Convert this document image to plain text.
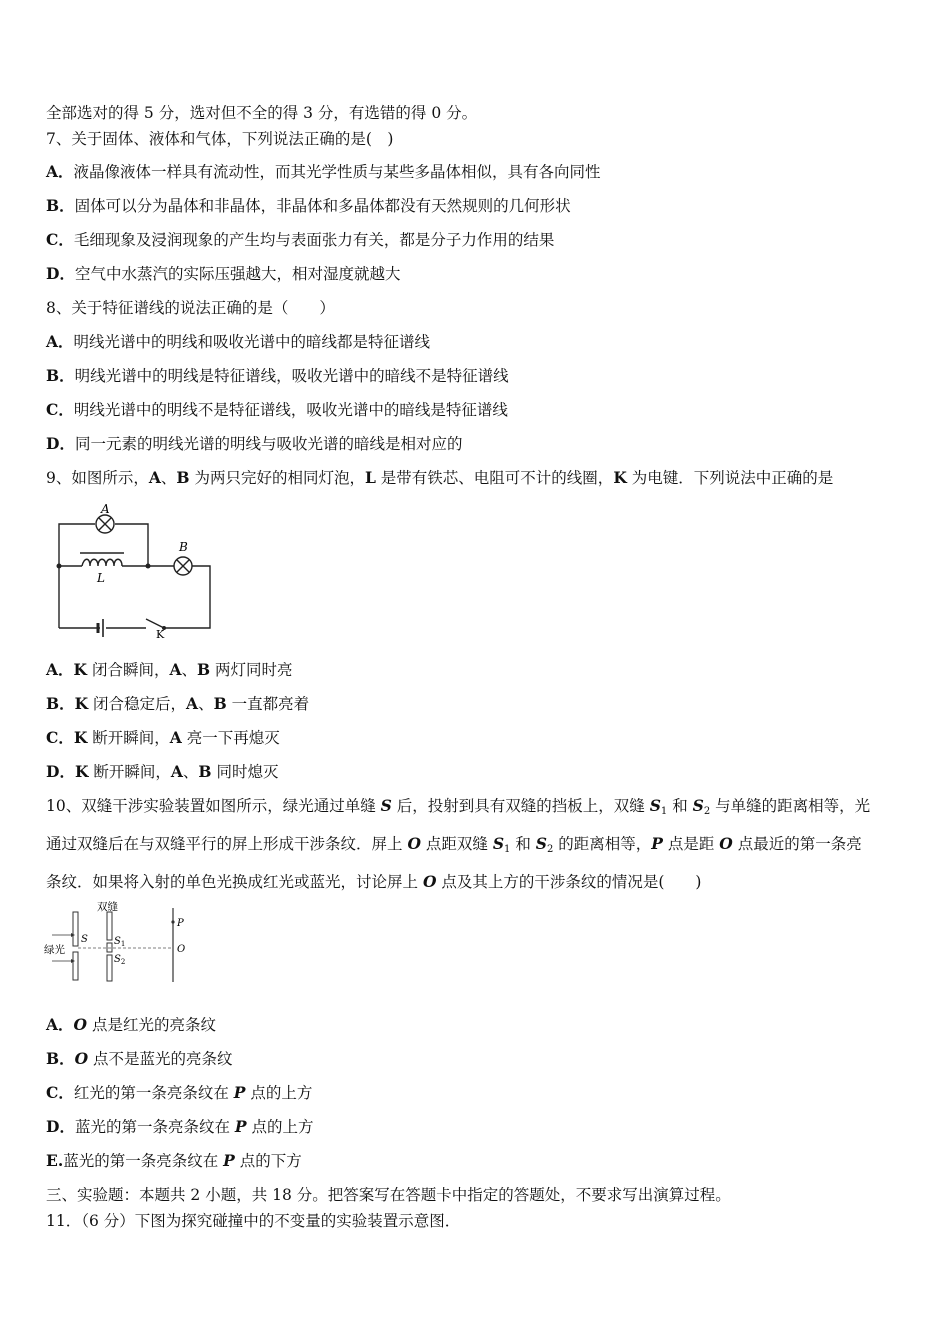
全部选对的得 5 分，选对但不全的得 3 分，有选错的得 0 分。
7、关于固体、液体和气体，下列说法正确的是(　)
A．液晶像液体一样具有流动性，而其光学性质与某些多晶体相似，具有各向同性
B．固体可以分为晶体和非晶体，非晶体和多晶体都没有天然规则的几何形状
C．毛细现象及浸润现象的产生均与表面张力有关，都是分子力作用的结果
D．空气中水蒸汽的实际压强越大，相对湿度就越大
8、关于特征谱线的说法正确的是（　　）
A．明线光谱中的明线和吸收光谱中的暗线都是特征谱线
B．明线光谱中的明线是特征谱线，吸收光谱中的暗线不是特征谱线
C．明线光谱中的明线不是特征谱线，吸收光谱中的暗线是特征谱线
D．同一元素的明线光谱的明线与吸收光谱的暗线是相对应的
9、如图所示，A、B 为两只完好的相同灯泡，L 是带有铁芯、电阻可不计的线圈，K 为电键．下列说法中正确的是
A
B
L
K
A．K 闭合瞬间，A、B 两灯同时亮
B．K 闭合稳定后，A、B 一直都亮着
C．K 断开瞬间，A 亮一下再熄灭
D．K 断开瞬间，A、B 同时熄灭
10、双缝干涉实验装置如图所示，绿光通过单缝 S 后，投射到具有双缝的挡板上，双缝 $S_1$ 和 $S_2$ 与单缝的距离相等，光
通过双缝后在与双缝平行的屏上形成干涉条纹．屏上 O 点距双缝 $S_1$ 和 $S_2$ 的距离相等，P 点是距 O 点最近的第一条亮
条纹．如果将入射的单色光换成红光或蓝光，讨论屏上 O 点及其上方的干涉条纹的情况是(　　)
双缝
绿光
S	$S_1$
$S_2$
P
O
A．O 点是红光的亮条纹
B．O 点不是蓝光的亮条纹
C．红光的第一条亮条纹在 P 点的上方
D．蓝光的第一条亮条纹在 P 点的上方
E.蓝光的第一条亮条纹在 P 点的下方
三、实验题：本题共 2 小题，共 18 分。把答案写在答题卡中指定的答题处，不要求写出演算过程。
11．（6 分）下图为探究碰撞中的不变量的实验装置示意图．
